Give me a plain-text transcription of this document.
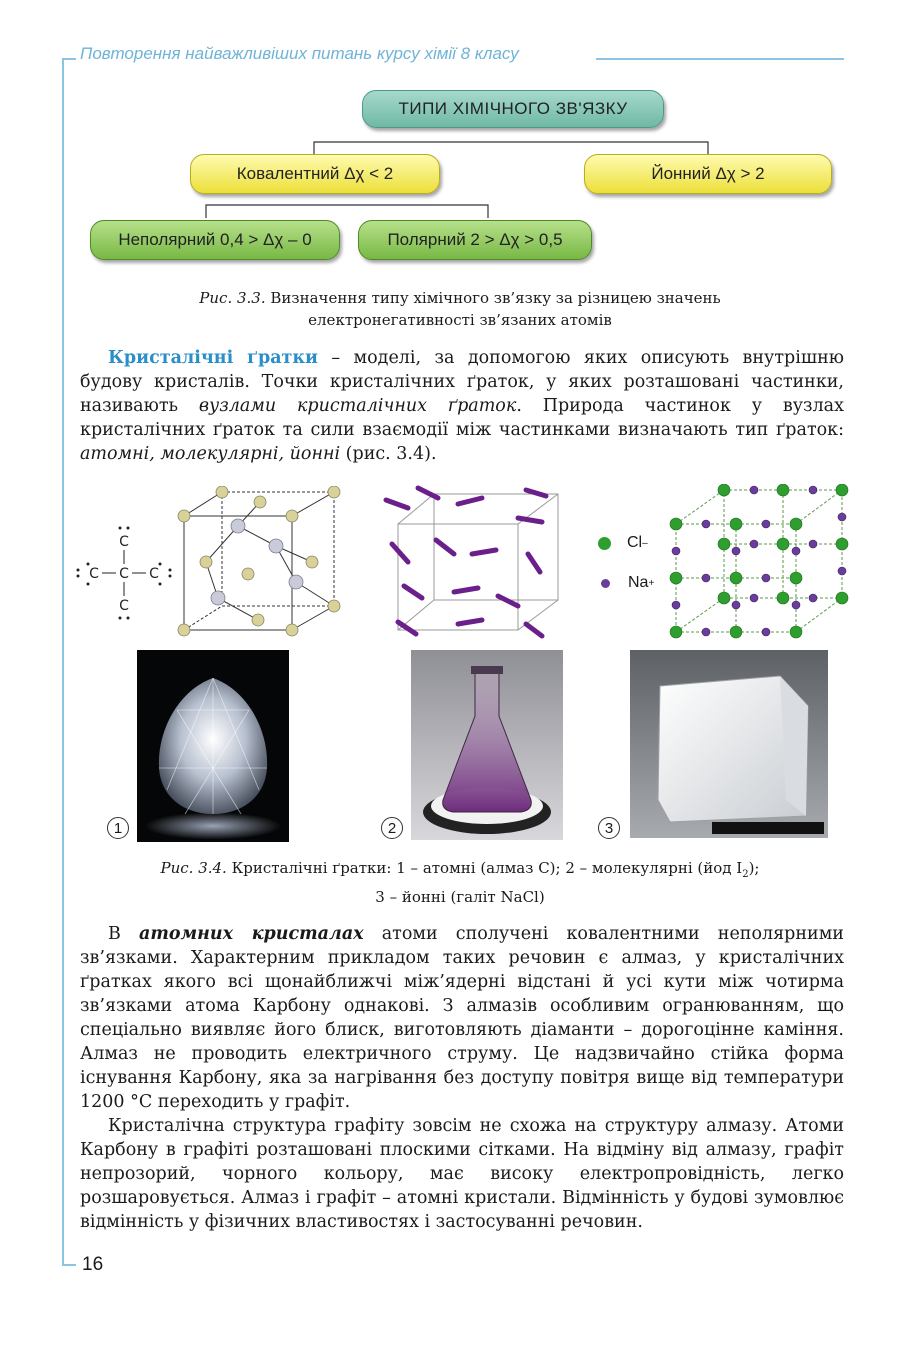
Повторення найважливіших питань курсу хімії 8 класу
ТИПИ ХІМІЧНОГО ЗВ'ЯЗКУ
Ковалентний Δχ < 2	Йонний Δχ > 2
Неполярний 0,4 > Δχ – 0	Полярний 2 > Δχ > 0,5
Рис. 3.3. Визначення типу хімічного зв’язку за різницею значень
електронегативності зв’язаних атомів
Кристалічні ґратки – моделі, за допомогою яких описують внутрішню будову кристалів. Точки кристалічних ґраток, у яких розташовані частинки, називають вузлами кристалічних ґраток. Природа частинок у вузлах кристалічних ґраток та сили взаємодії між частинками визначають тип ґраток: атомні, молекулярні, йонні (рис. 3.4).
C
C C C
C
Cl –
Na +
1	2	3
Рис. 3.4. Кристалічні ґратки: 1 – атомні (алмаз C); 2 – молекулярні (йод $I_2$);
3 – йонні (галіт NaCl)
В атомних кристалах атоми сполучені ковалентними неполярними зв’язками. Характерним прикладом таких речовин є алмаз, у кристалічних ґратках якого всі щонайближчі між’ядерні відстані й усі кути між чотирма зв’язками атома Карбону однакові. З алмазів особливим огранюванням, що спеціально виявляє його блиск, виготовляють діаманти – дорогоцінне каміння. Алмаз не проводить електричного струму. Це надзвичайно стійка форма існування Карбону, яка за нагрівання без доступу повітря вище від температури 1200 °C переходить у графіт.
Кристалічна структура графіту зовсім не схожа на структуру алмазу. Атоми Карбону в графіті розташовані плоскими сітками. На відміну від алмазу, графіт непрозорий, чорного кольору, має високу електропровідність, легко розшаровується. Алмаз і графіт – атомні кристали. Відмінність у будові зумовлює відмінність у фізичних властивостях і застосуванні речовин.
16
